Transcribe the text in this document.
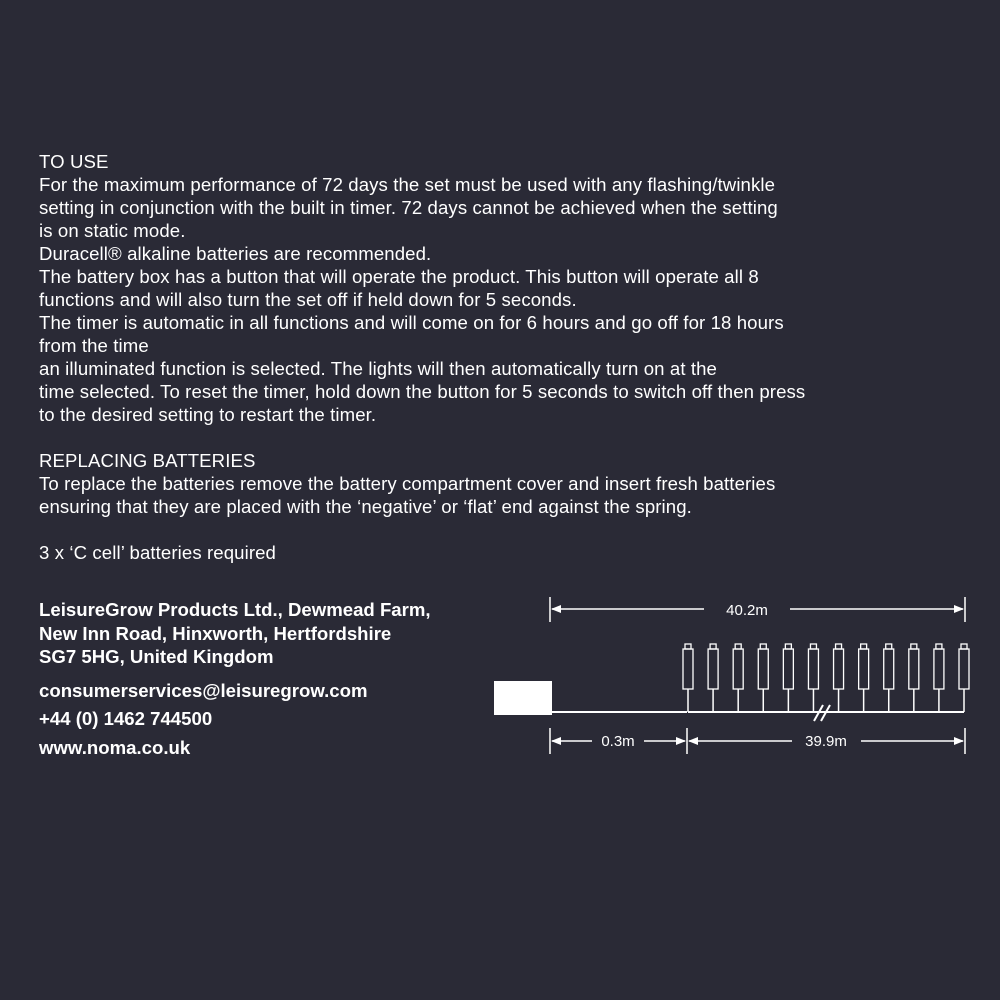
TO USE

For the maximum performance of 72 days the set must be used with any flashing/twinkle

setting in conjunction with the built in timer. 72 days cannot be achieved when the setting

is on static mode.

Duracell® alkaline batteries are recommended.

The battery box has a button that will operate the product. This button will operate all 8

functions and will also turn the set off if held down for 5 seconds.

The timer is automatic in all functions and will come on for 6 hours and go off for 18 hours

from the time

an illuminated function is selected. The lights will then automatically turn on at the

time selected. To reset the timer, hold down the button for 5 seconds to switch off then press

to the desired setting to restart the timer.

REPLACING BATTERIES

To replace the batteries remove the battery compartment cover and insert fresh batteries

ensuring that they are placed with the ‘negative’ or ‘flat’ end against the spring.

3 x ‘C cell’ batteries required

LeisureGrow Products Ltd., Dewmead Farm,

New Inn Road, Hinxworth, Hertfordshire

SG7 5HG, United Kingdom

consumerservices@leisuregrow.com

+44 (0) 1462 744500

www.noma.co.uk

40.2m
0.3m	39.9m
